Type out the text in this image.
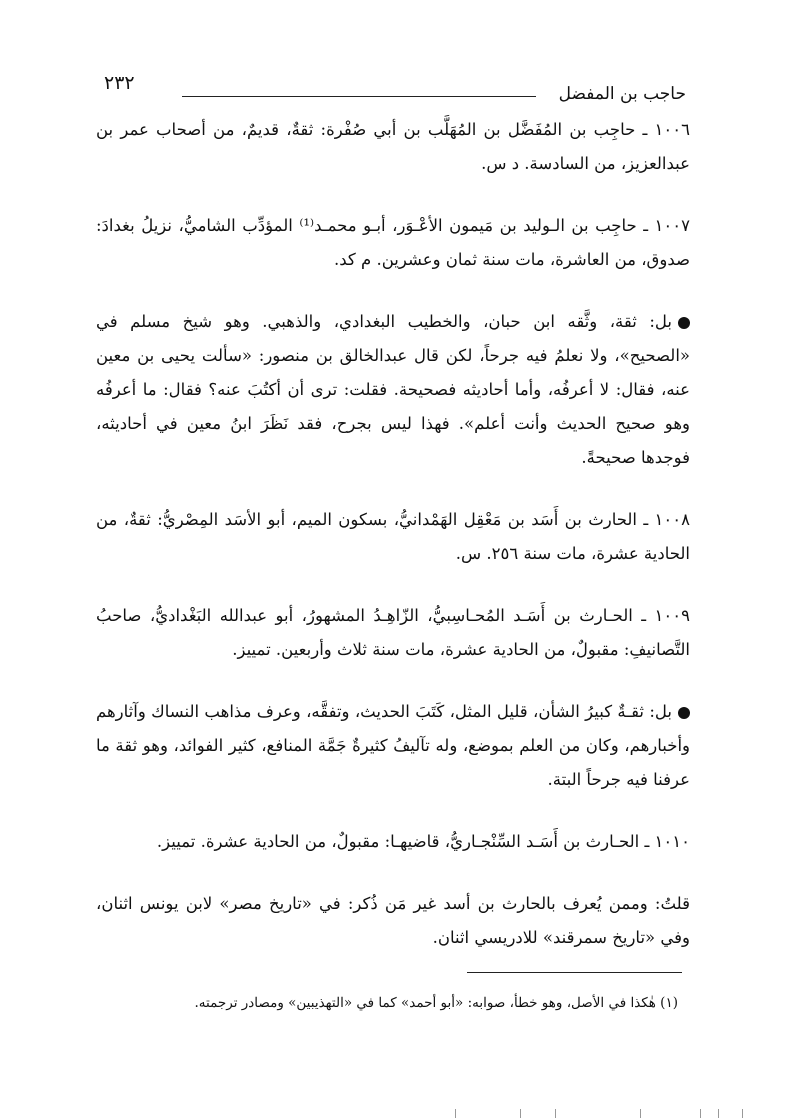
حاجب بن المفضل
٢٣٢

١٠٠٦ ـ حاجِب بن المُفَضَّل بن المُهَلَّب بن أبي صُفْرة: ثقةٌ، قديمٌ، من أصحاب عمر بن عبدالعزيز، من السادسة. د س.

١٠٠٧ ـ حاجِب بن الـوليد بن مَيمون الأعْـوَر، أبـو محمـد⁽¹⁾ المؤدِّب الشاميُّ، نزيلُ بغدادَ: صدوق، من العاشرة، مات سنة ثمان وعشرين. م كد.

بل: ثقة، وثَّقه ابن حبان، والخطيب البغدادي، والذهبي. وهو شيخ مسلم في «الصحيح»، ولا نعلمُ فيه جرحاً، لكن قال عبدالخالق بن منصور: «سألت يحيى بن معين عنه، فقال: لا أعرفُه، وأما أحاديثه فصحيحة. فقلت: ترى أن أكتُبَ عنه؟ فقال: ما أعرفُه وهو صحيح الحديث وأنت أعلم». فهذا ليس بجرح، فقد نَظَرَ ابنُ معين في أحاديثه، فوجدها صحيحةً.

١٠٠٨ ـ الحارث بن أَسَد بن مَعْقِل الهَمْدانيُّ، بسكون الميم، أبو الأسَد المِصْريُّ: ثقةٌ، من الحادية عشرة، مات سنة ٢٥٦. س.

١٠٠٩ ـ الحـارث بن أَسَـد المُحـاسِبيُّ، الزّاهِـدُ المشهورُ، أبو عبدالله البَغْداديُّ، صاحبُ التَّصانيفِ: مقبولٌ، من الحادية عشرة، مات سنة ثلاث وأربعين. تمييز.

بل: ثقـةٌ كبيرُ الشأن، قليل المثل، كَتَبَ الحديث، وتفقَّه، وعرف مذاهب النساك وآثارهم وأخبارهم، وكان من العلم بموضع، وله تآليفُ كثيرةٌ جَمَّة المنافع، كثير الفوائد، وهو ثقة ما عرفنا فيه جرحاً البتة.

١٠١٠ ـ الحـارث بن أَسَـد السِّنْجـاريُّ، قاضيهـا: مقبولٌ، من الحادية عشرة. تمييز.

قلتُ: وممن يُعرف بالحارث بن أسد غير مَن ذُكر: في «تاريخ مصر» لابن يونس اثنان، وفي «تاريخ سمرقند» للادريسي اثنان.

(١) هٰكذا في الأصل، وهو خطأ، صوابه: «أبو أحمد» كما في «التهذيبين» ومصادر ترجمته.
